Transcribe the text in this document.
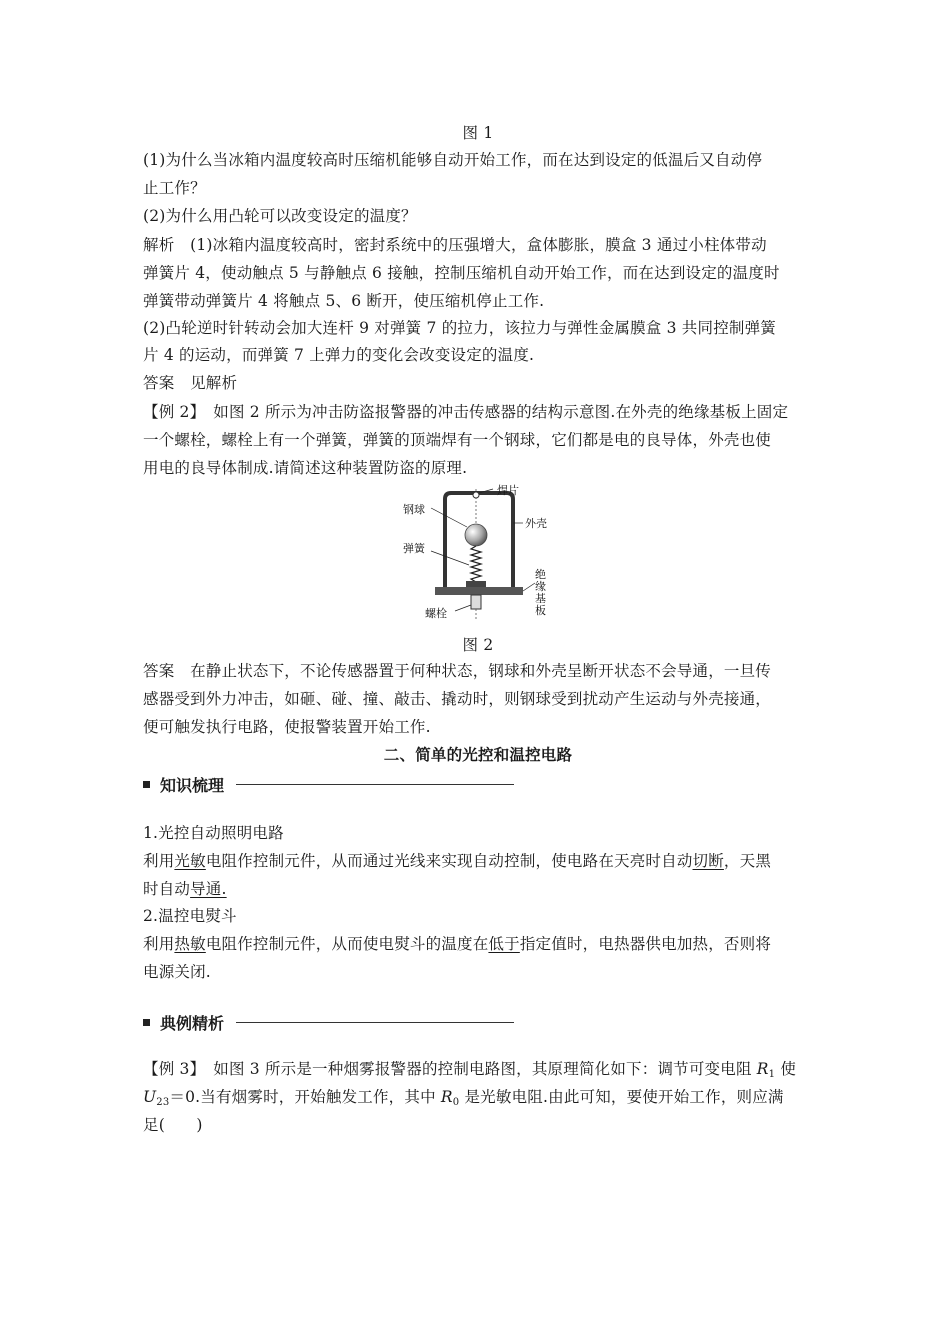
图 1
(1)为什么当冰箱内温度较高时压缩机能够自动开始工作，而在达到设定的低温后又自动停
止工作？
(2)为什么用凸轮可以改变设定的温度？
解析　(1)冰箱内温度较高时，密封系统中的压强增大，盒体膨胀，膜盒 3 通过小柱体带动
弹簧片 4，使动触点 5 与静触点 6 接触，控制压缩机自动开始工作，而在达到设定的温度时
弹簧带动弹簧片 4 将触点 5、6 断开，使压缩机停止工作.
(2)凸轮逆时针转动会加大连杆 9 对弹簧 7 的拉力，该拉力与弹性金属膜盒 3 共同控制弹簧
片 4 的运动，而弹簧 7 上弹力的变化会改变设定的温度.
答案　见解析
【例 2】　如图 2 所示为冲击防盗报警器的冲击传感器的结构示意图.在外壳的绝缘基板上固定
一个螺栓，螺栓上有一个弹簧，弹簧的顶端焊有一个钢球，它们都是电的良导体，外壳也使
用电的良导体制成.请简述这种装置防盗的原理.
焊片
钢球
外壳
弹簧
绝
缘
基
板
螺栓
图 2
答案　在静止状态下，不论传感器置于何种状态，钢球和外壳呈断开状态不会导通，一旦传
感器受到外力冲击，如砸、碰、撞、敲击、撬动时，则钢球受到扰动产生运动与外壳接通，
便可触发执行电路，使报警装置开始工作.
二、简单的光控和温控电路
知识梳理
1.光控自动照明电路
利用光敏电阻作控制元件，从而通过光线来实现自动控制，使电路在天亮时自动切断，天黑
时自动导通.
2.温控电熨斗
利用热敏电阻作控制元件，从而使电熨斗的温度在低于指定值时，电热器供电加热，否则将
电源关闭.
典例精析
【例 3】　如图 3 所示是一种烟雾报警器的控制电路图，其原理简化如下：调节可变电阻 $R_1$ 使
$U_{23}=0$.当有烟雾时，开始触发工作，其中 $R_0$ 是光敏电阻.由此可知，要使开始工作，则应满
足(　　)
